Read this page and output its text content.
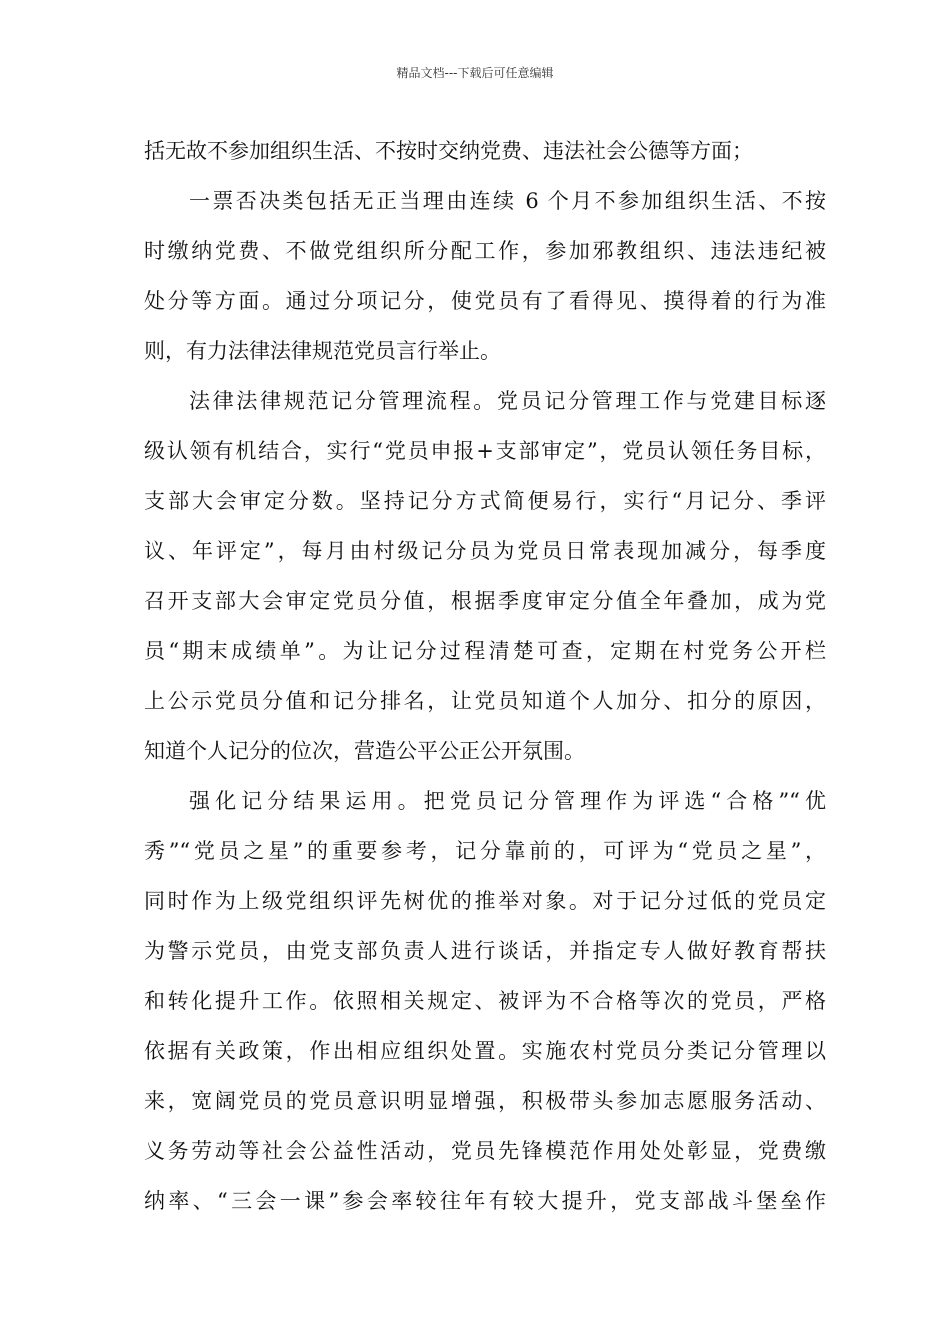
精品文档---下载后可任意编辑
括无故不参加组织生活、不按时交纳党费、违法社会公德等方面；
一票否决类包括无正当理由连续 6 个月不参加组织生活、不按
时缴纳党费、不做党组织所分配工作，参加邪教组织、违法违纪被
处分等方面。通过分项记分，使党员有了看得见、摸得着的行为准
则，有力法律法律规范党员言行举止。
法律法律规范记分管理流程。党员记分管理工作与党建目标逐
级认领有机结合，实行“党员申报+支部审定”，党员认领任务目标，
支部大会审定分数。坚持记分方式简便易行，实行“月记分、季评
议、年评定”，每月由村级记分员为党员日常表现加减分，每季度
召开支部大会审定党员分值，根据季度审定分值全年叠加，成为党
员“期末成绩单”。为让记分过程清楚可查，定期在村党务公开栏
上公示党员分值和记分排名，让党员知道个人加分、扣分的原因，
知道个人记分的位次，营造公平公正公开氛围。
强化记分结果运用。把党员记分管理作为评选“合格”“优
秀”“党员之星”的重要参考，记分靠前的，可评为“党员之星”，
同时作为上级党组织评先树优的推举对象。对于记分过低的党员定
为警示党员，由党支部负责人进行谈话，并指定专人做好教育帮扶
和转化提升工作。依照相关规定、被评为不合格等次的党员，严格
依据有关政策，作出相应组织处置。实施农村党员分类记分管理以
来，宽阔党员的党员意识明显增强，积极带头参加志愿服务活动、
义务劳动等社会公益性活动，党员先锋模范作用处处彰显，党费缴
纳率、“三会一课”参会率较往年有较大提升，党支部战斗堡垒作
